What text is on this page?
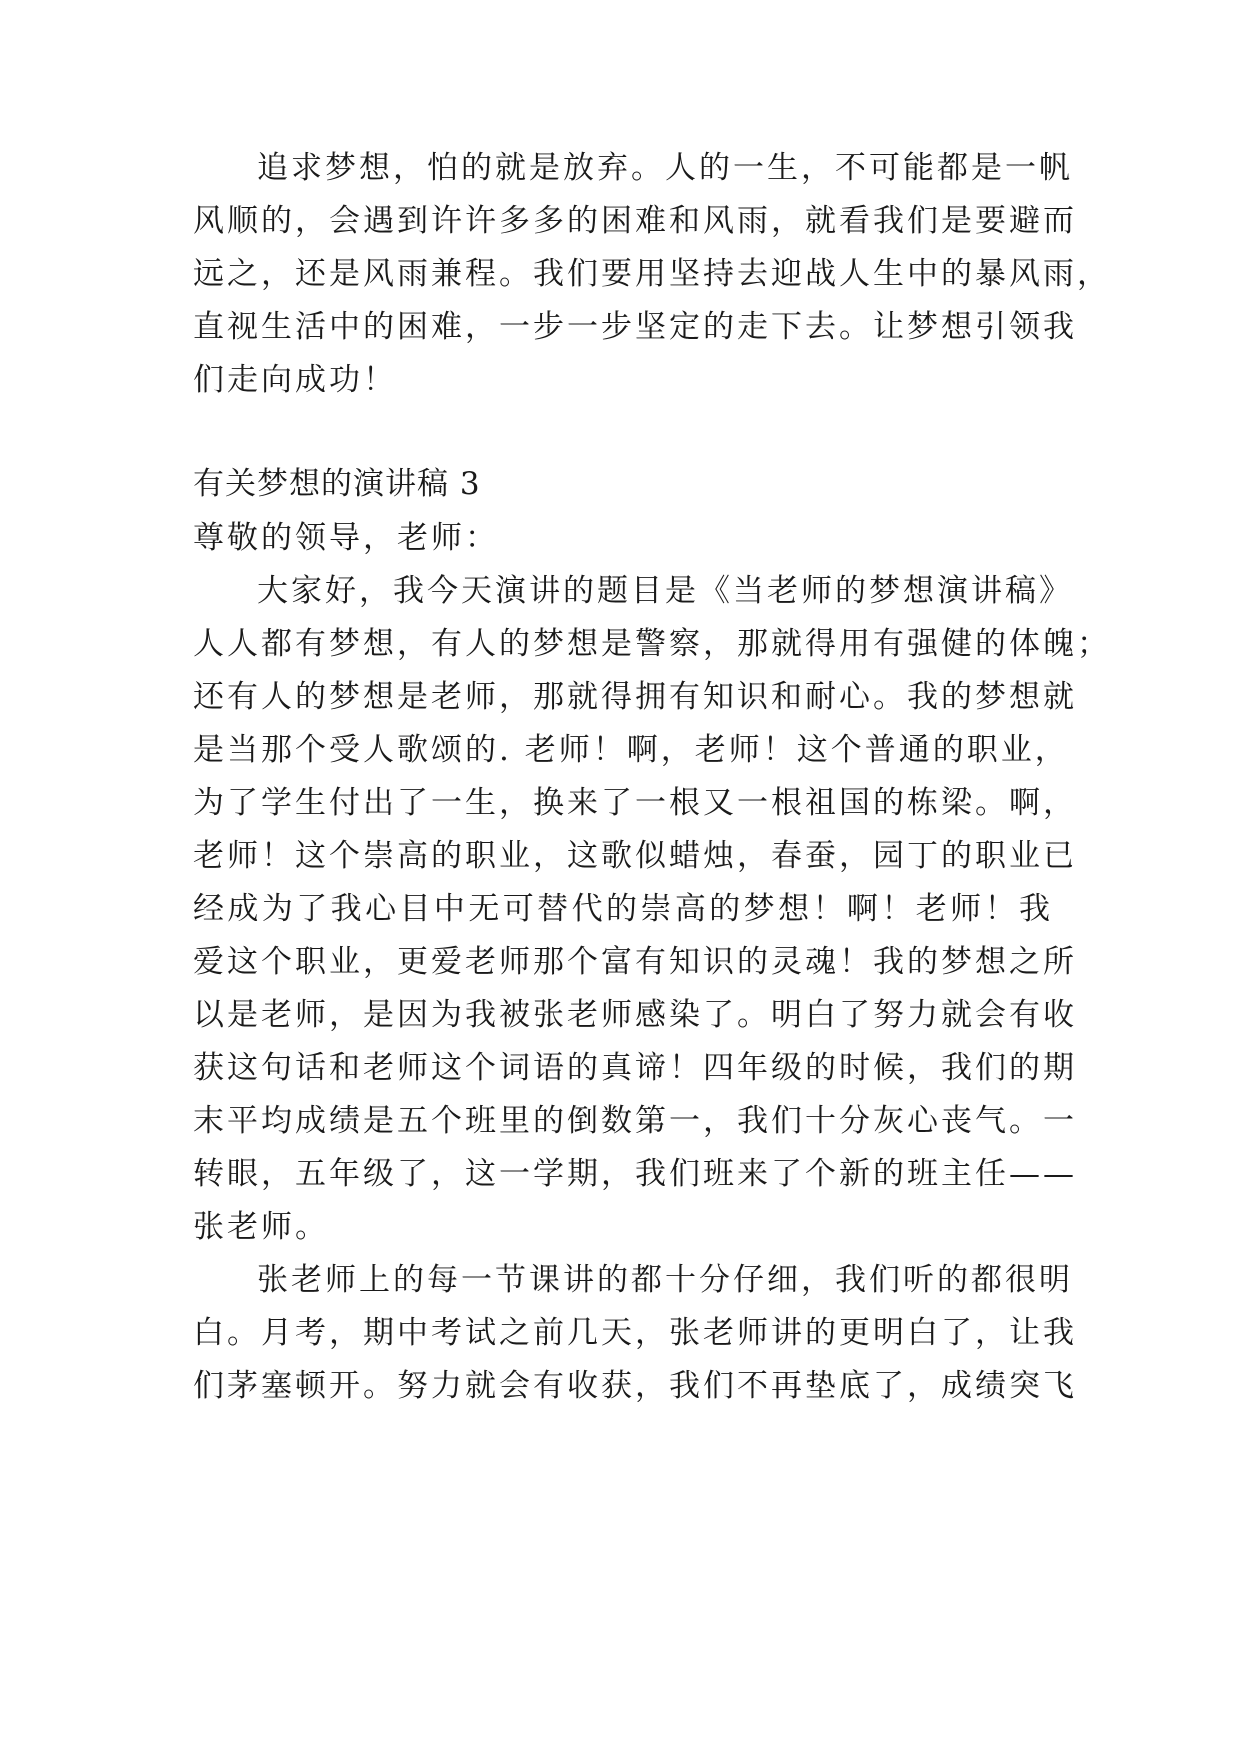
追求梦想，怕的就是放弃。人的一生，不可能都是一帆
风顺的，会遇到许许多多的困难和风雨，就看我们是要避而
远之，还是风雨兼程。我们要用坚持去迎战人生中的暴风雨，
直视生活中的困难，一步一步坚定的走下去。让梦想引领我
们走向成功！
有关梦想的演讲稿 3
尊敬的领导，老师：
大家好，我今天演讲的题目是《当老师的梦想演讲稿》
人人都有梦想，有人的梦想是警察，那就得用有强健的体魄；
还有人的梦想是老师，那就得拥有知识和耐心。我的梦想就
是当那个受人歌颂的. 老师！啊，老师！这个普通的职业，
为了学生付出了一生，换来了一根又一根祖国的栋梁。啊，
老师！这个崇高的职业，这歌似蜡烛，春蚕，园丁的职业已
经成为了我心目中无可替代的崇高的梦想！啊！老师！我
爱这个职业，更爱老师那个富有知识的灵魂！我的梦想之所
以是老师，是因为我被张老师感染了。明白了努力就会有收
获这句话和老师这个词语的真谛！四年级的时候，我们的期
末平均成绩是五个班里的倒数第一，我们十分灰心丧气。一
转眼，五年级了，这一学期，我们班来了个新的班主任——
张老师。
张老师上的每一节课讲的都十分仔细，我们听的都很明
白。月考，期中考试之前几天，张老师讲的更明白了，让我
们茅塞顿开。努力就会有收获，我们不再垫底了，成绩突飞
